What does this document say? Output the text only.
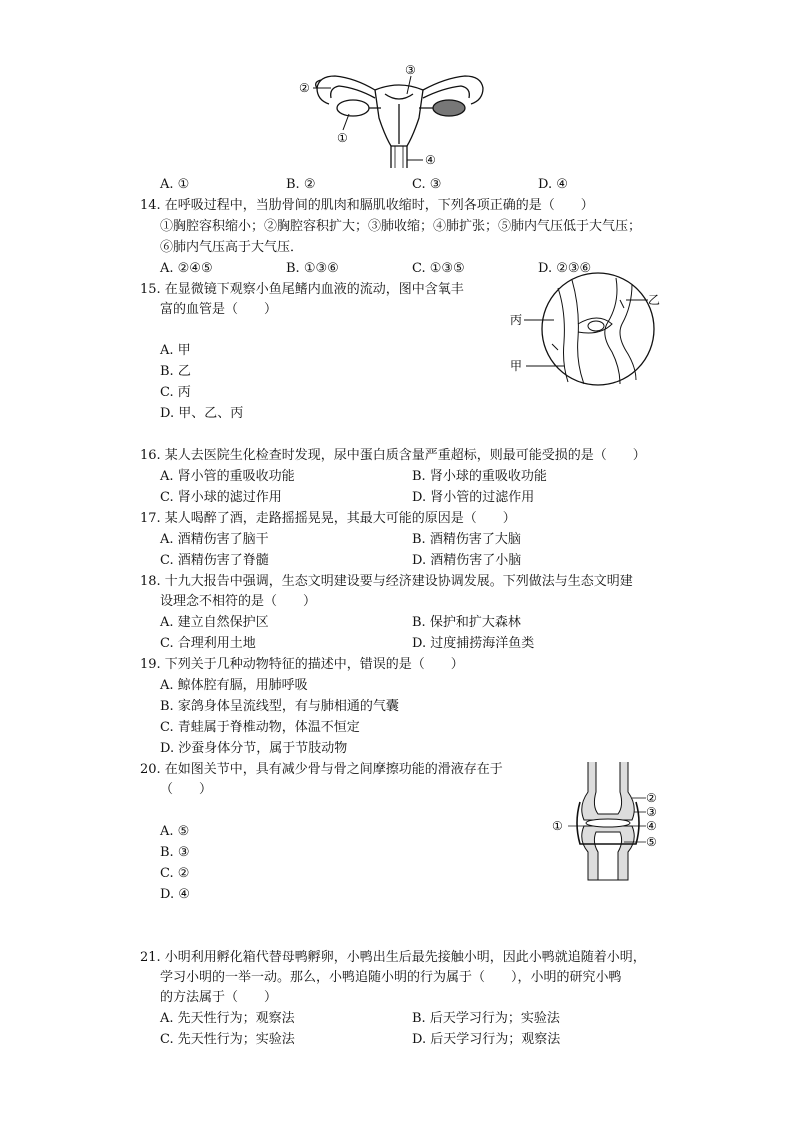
②
③
①
④
A. ①	B. ②	C. ③	D. ④
14. 在呼吸过程中，当肋骨间的肌肉和膈肌收缩时，下列各项正确的是（　　）
①胸腔容积缩小；②胸腔容积扩大；③肺收缩；④肺扩张；⑤肺内气压低于大气压；
⑥肺内气压高于大气压．
A. ②④⑤	B. ①③⑥	C. ①③⑤	D. ②③⑥
15. 在显微镜下观察小鱼尾鳍内血液的流动，图中含氧丰
富的血管是（　　）
A. 甲
B. 乙
C. 丙
D. 甲、乙、丙
乙
丙
甲
16. 某人去医院生化检查时发现，尿中蛋白质含量严重超标，则最可能受损的是（　　）
A. 肾小管的重吸收功能	B. 肾小球的重吸收功能
C. 肾小球的滤过作用	D. 肾小管的过滤作用
17. 某人喝醉了酒，走路摇摇晃晃，其最大可能的原因是（　　）
A. 酒精伤害了脑干	B. 酒精伤害了大脑
C. 酒精伤害了脊髓	D. 酒精伤害了小脑
18. 十九大报告中强调，生态文明建设要与经济建设协调发展。下列做法与生态文明建
设理念不相符的是（　　）
A. 建立自然保护区	B. 保护和扩大森林
C. 合理利用土地	D. 过度捕捞海洋鱼类
19. 下列关于几种动物特征的描述中，错误的是（　　）
A. 鲸体腔有膈，用肺呼吸
B. 家鸽身体呈流线型，有与肺相通的气囊
C. 青蛙属于脊椎动物，体温不恒定
D. 沙蚕身体分节，属于节肢动物
20. 在如图关节中，具有减少骨与骨之间摩擦功能的滑液存在于
（　　）
A. ⑤
B. ③
C. ②
D. ④
②
③
④
⑤
①
21. 小明利用孵化箱代替母鸭孵卵，小鸭出生后最先接触小明，因此小鸭就追随着小明，
学习小明的一举一动。那么，小鸭追随小明的行为属于（　　），小明的研究小鸭
的方法属于（　　）
A. 先天性行为；观察法	B. 后天学习行为；实验法
C. 先天性行为；实验法	D. 后天学习行为；观察法
